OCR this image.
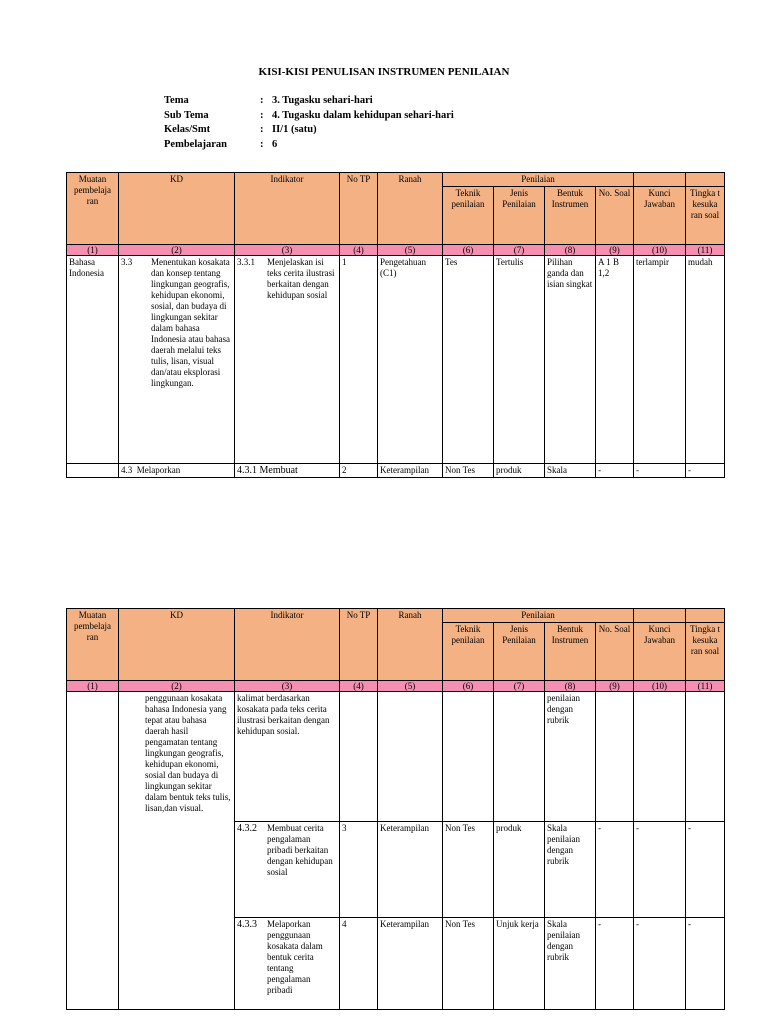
KISI-KISI PENULISAN INSTRUMEN PENILAIAN
Tema	: 3. Tugasku sehari-hari
Sub Tema	: 4. Tugasku dalam kehidupan sehari-hari
Kelas/Smt	: II/1 (satu)
Pembelajaran	: 6
Muatan pembelaja ran	KD	Indikator	No TP	Ranah	Penilaian					
					Teknik penilaian	Jenis Penilaian	Bentuk Instrumen	No. Soal	Kunci Jawaban	Tingka t kesuka ran soal
(1)	(2)	(3)	(4)	(5)	(6)	(7)	(8)	(9)	(10)	(11)
Bahasa Indonesia	3.3 Menentukan kosakata dan konsep tentang lingkungan geografis, kehidupan ekonomi, sosial, dan budaya di lingkungan sekitar dalam bahasa Indonesia atau bahasa daerah melalui teks tulis, lisan, visual dan/atau eksplorasi lingkungan.	3.3.1 Menjelaskan isi teks cerita ilustrasi berkaitan dengan kehidupan sosial	1	Pengetahuan (C1)	Tes	Tertulis	Pilihan ganda dan isian singkat	A 1 B 1,2	terlampir	mudah
	4.3 Melaporkan	4.3.1 Membuat	2	Keterampilan	Non Tes	produk	Skala	-	-	-
Muatan pembelaja ran	KD	Indikator	No TP	Ranah	Penilaian					
					Teknik penilaian	Jenis Penilaian	Bentuk Instrumen	No. Soal	Kunci Jawaban	Tingka t kesuka ran soal
(1)	(2)	(3)	(4)	(5)	(6)	(7)	(8)	(9)	(10)	(11)
	penggunaan kosakata bahasa Indonesia yang tepat atau bahasa daerah hasil pengamatan tentang lingkungan geografis, kehidupan ekonomi, sosial dan budaya di lingkungan sekitar dalam bentuk teks tulis, lisan,dan visual.	kalimat berdasarkan kosakata pada teks cerita ilustrasi berkaitan dengan kehidupan sosial.					penilaian dengan rubrik			
		4.3.2 Membuat cerita pengalaman pribadi berkaitan dengan kehidupan sosial	3	Keterampilan	Non Tes	produk	Skala penilaian dengan rubrik	-	-	-
		4.3.3 Melaporkan penggunaan kosakata dalam bentuk cerita tentang pengalaman pribadi	4	Keterampilan	Non Tes	Unjuk kerja	Skala penilaian dengan rubrik	-	-	-
